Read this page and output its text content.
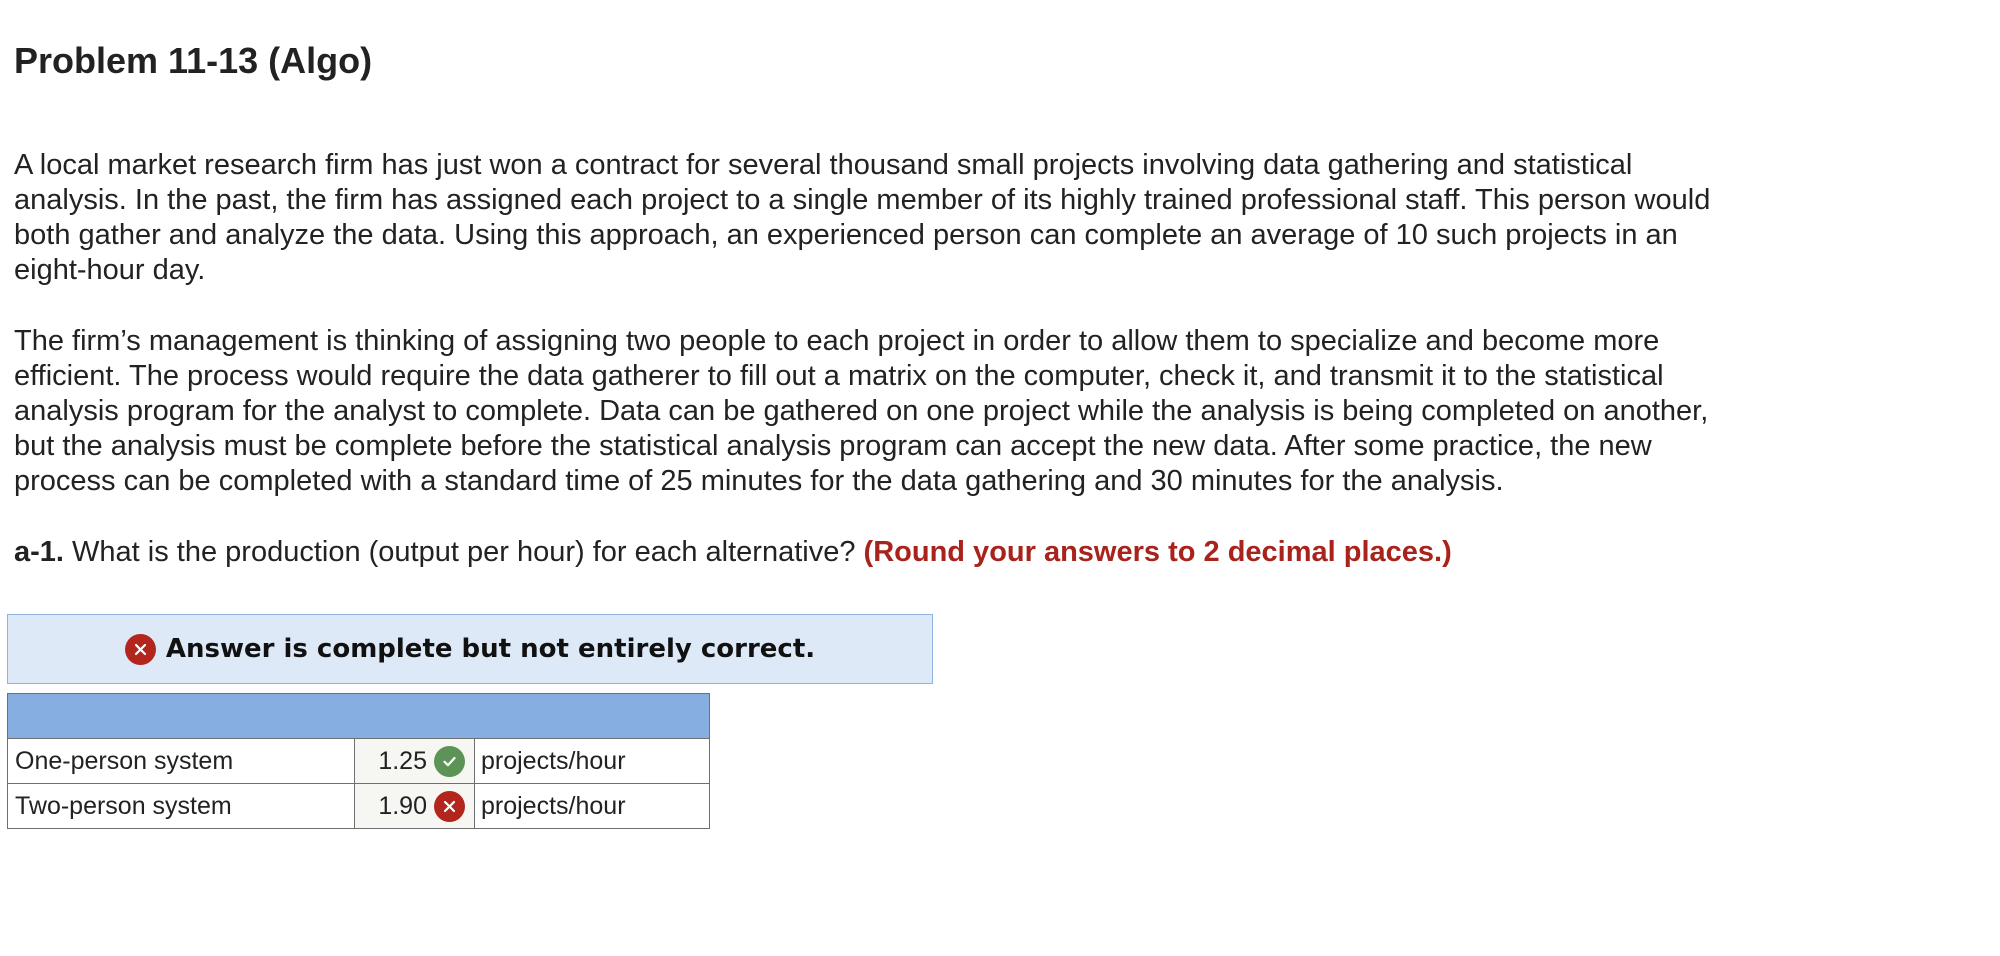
Problem 11-13 (Algo)

A local market research firm has just won a contract for several thousand small projects involving data gathering and statistical
analysis. In the past, the firm has assigned each project to a single member of its highly trained professional staff. This person would
both gather and analyze the data. Using this approach, an experienced person can complete an average of 10 such projects in an
eight-hour day.

The firm’s management is thinking of assigning two people to each project in order to allow them to specialize and become more
efficient. The process would require the data gatherer to fill out a matrix on the computer, check it, and transmit it to the statistical
analysis program for the analyst to complete. Data can be gathered on one project while the analysis is being completed on another,
but the analysis must be complete before the statistical analysis program can accept the new data. After some practice, the new
process can be completed with a standard time of 25 minutes for the data gathering and 30 minutes for the analysis.

a-1. What is the production (output per hour) for each alternative? (Round your answers to 2 decimal places.)

Answer is complete but not entirely correct.

One-person system	1.25	projects/hour
Two-person system	1.90	projects/hour
